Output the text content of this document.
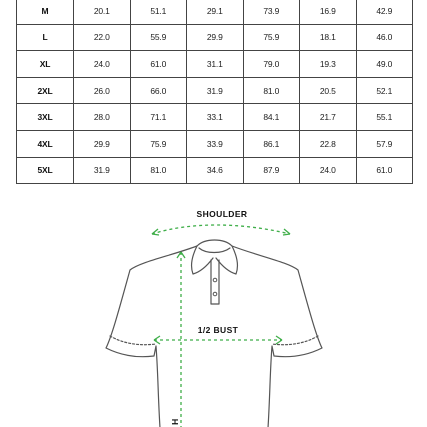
M	20.1	51.1	29.1	73.9	16.9	42.9
L	22.0	55.9	29.9	75.9	18.1	46.0
XL	24.0	61.0	31.1	79.0	19.3	49.0
2XL	26.0	66.0	31.9	81.0	20.5	52.1
3XL	28.0	71.1	33.1	84.1	21.7	55.1
4XL	29.9	75.9	33.9	86.1	22.8	57.9
5XL	31.9	81.0	34.6	87.9	24.0	61.0
SHOULDER
1/2 BUST
H
